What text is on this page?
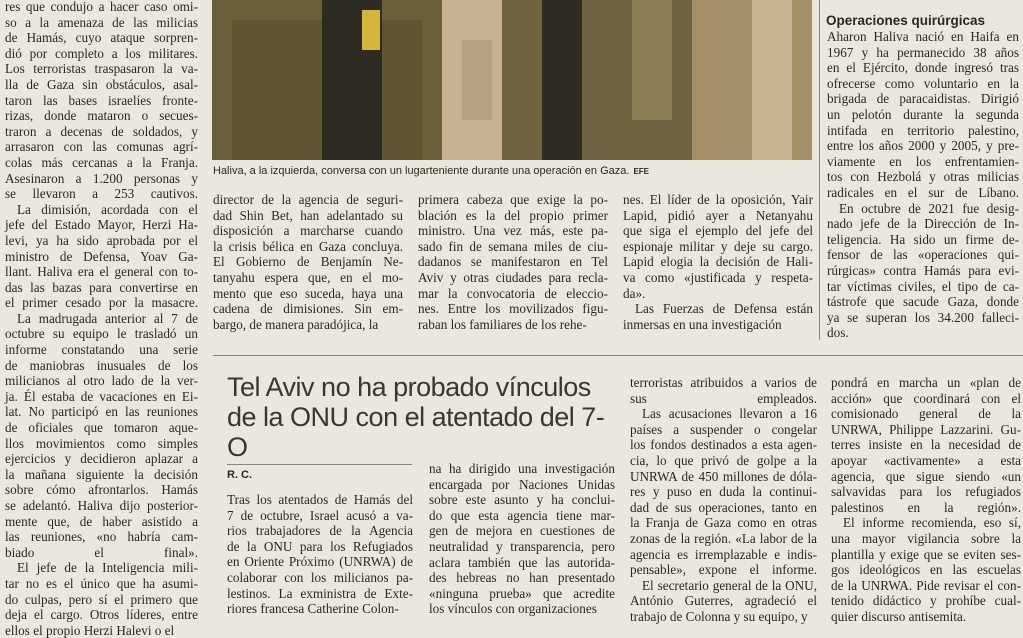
Haliva, a la izquierda, conversa con un lugarteniente durante una operación en Gaza. EFE

res que condujo a hacer caso omi-

so a la amenaza de las milicias

de Hamás, cuyo ataque sorpren-

dió por completo a los militares.

Los terroristas traspasaron la va-

lla de Gaza sin obstáculos, asal-

taron las bases israelíes fronte-

rizas, donde mataron o secues-

traron a decenas de soldados, y

arrasaron con las comunas agrí-

colas más cercanas a la Franja.

Asesinaron a 1.200 personas y

se llevaron a 253 cautivos.

La dimisión, acordada con el

jefe del Estado Mayor, Herzi Ha-

levi, ya ha sido aprobada por el

ministro de Defensa, Yoav Ga-

llant. Haliva era el general con to-

das las bazas para convertirse en

el primer cesado por la masacre.

La madrugada anterior al 7 de

octubre su equipo le trasladó un

informe constatando una serie

de maniobras inusuales de los

milicianos al otro lado de la ver-

ja. Él estaba de vacaciones en Ei-

lat. No participó en las reuniones

de oficiales que tomaron aque-

llos movimientos como simples

ejercicios y decidieron aplazar a

la mañana siguiente la decisión

sobre cómo afrontarlos. Hamás

se adelantó. Haliva dijo posterior-

mente que, de haber asistido a

las reuniones, «no habría cam-

biado el final».

El jefe de la Inteligencia mili-

tar no es el único que ha asumi-

do culpas, pero sí el primero que

deja el cargo. Otros líderes, entre

ellos el propio Herzi Halevi o el

director de la agencia de seguri-

dad Shin Bet, han adelantado su

disposición a marcharse cuando

la crisis bélica en Gaza concluya.

El Gobierno de Benjamín Ne-

tanyahu espera que, en el mo-

mento que eso suceda, haya una

cadena de dimisiones. Sin em-

bargo, de manera paradójica, la

primera cabeza que exige la po-

blación es la del propio primer

ministro. Una vez más, este pa-

sado fin de semana miles de ciu-

dadanos se manifestaron en Tel

Aviv y otras ciudades para recla-

mar la convocatoria de eleccio-

nes. Entre los movilizados figu-

raban los familiares de los rehe-

nes. El líder de la oposición, Yair

Lapid, pidió ayer a Netanyahu

que siga el ejemplo del jefe del

espionaje militar y deje su cargo.

Lapid elogia la decisión de Hali-

va como «justificada y respeta-

da».

Las Fuerzas de Defensa están

inmersas en una investigación

Operaciones quirúrgicas

Aharon Haliva nació en Haifa en

1967 y ha permanecido 38 años

en el Ejército, donde ingresó tras

ofrecerse como voluntario en la

brigada de paracaidistas. Dirigió

un pelotón durante la segunda

intifada en territorio palestino,

entre los años 2000 y 2005, y pre-

viamente en los enfrentamien-

tos con Hezbolá y otras milicias

radicales en el sur de Líbano.

En octubre de 2021 fue desig-

nado jefe de la Dirección de In-

teligencia. Ha sido un firme de-

fensor de las «operaciones qui-

rúrgicas» contra Hamás para evi-

tar víctimas civiles, el tipo de ca-

tástrofe que sacude Gaza, donde

ya se superan los 34.200 falleci-

dos.

Tel Aviv no ha probado vínculos de la ONU con el atentado del 7-O
R. C.

Tras los atentados de Hamás del

7 de octubre, Israel acusó a va-

rios trabajadores de la Agencia

de la ONU para los Refugiados

en Oriente Próximo (UNRWA) de

colaborar con los milicianos pa-

lestinos. La exministra de Exte-

riores francesa Catherine Colon-

na ha dirigido una investigación

encargada por Naciones Unidas

sobre este asunto y ha conclui-

do que esta agencia tiene mar-

gen de mejora en cuestiones de

neutralidad y transparencia, pero

aclara también que las autorida-

des hebreas no han presentado

«ninguna prueba» que acredite

los vínculos con organizaciones

terroristas atribuidos a varios de

sus empleados.

Las acusaciones llevaron a 16

países a suspender o congelar

los fondos destinados a esta agen-

cia, lo que privó de golpe a la

UNRWA de 450 millones de dóla-

res y puso en duda la continui-

dad de sus operaciones, tanto en

la Franja de Gaza como en otras

zonas de la región. «La labor de la

agencia es irremplazable e indis-

pensable», expone el informe.

El secretario general de la ONU,

António Guterres, agradeció el

trabajo de Colonna y su equipo, y

pondrá en marcha un «plan de

acción» que coordinará con el

comisionado general de la

UNRWA, Philippe Lazzarini. Gu-

terres insiste en la necesidad de

apoyar «activamente» a esta

agencia, que sigue siendo «un

salvavidas para los refugiados

palestinos en la región».

El informe recomienda, eso sí,

una mayor vigilancia sobre la

plantilla y exige que se eviten ses-

gos ideológicos en las escuelas

de la UNRWA. Pide revisar el con-

tenido didáctico y prohíbe cual-

quier discurso antisemita.
